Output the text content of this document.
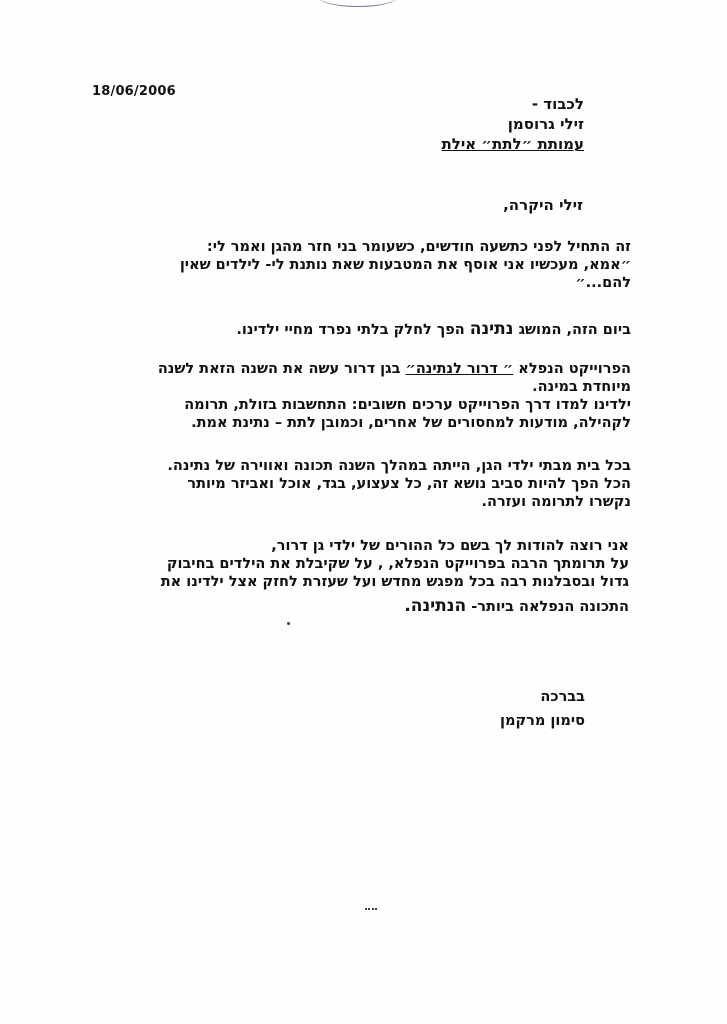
18/06/2006
לכבוד -
זילי גרוסמן
עמותת ״לתת״ אילת
זילי היקרה,
זה התחיל לפני כתשעה חודשים, כשעומר בני חזר מהגן ואמר לי:
״אמא, מעכשיו אני אוסף את המטבעות שאת נותנת לי- לילדים שאין
להם...״
ביום הזה, המושג נתינה הפך לחלק בלתי נפרד מחיי ילדינו.
הפרוייקט הנפלא ״ דרור לנתינה״ בגן דרור עשה את השנה הזאת לשנה
מיוחדת במינה.
ילדינו למדו דרך הפרוייקט ערכים חשובים: התחשבות בזולת, תרומה
לקהילה, מודעות למחסורים של אחרים, וכמובן לתת – נתינת אמת.
בכל בית מבתי ילדי הגן, הייתה במהלך השנה תכונה ואווירה של נתינה.
הכל הפך להיות סביב נושא זה, כל צעצוע, בגד, אוכל ואביזר מיותר
נקשרו לתרומה ועזרה.
אני רוצה להודות לך בשם כל ההורים של ילדי גן דרור,
על תרומתך הרבה בפרוייקט הנפלא, , על שקיבלת את הילדים בחיבוק
גדול ובסבלנות רבה בכל מפגש מחדש ועל שעזרת לחזק אצל ילדינו את
התכונה הנפלאה ביותר- הנתינה.
בברכה
סימון מרקמן
